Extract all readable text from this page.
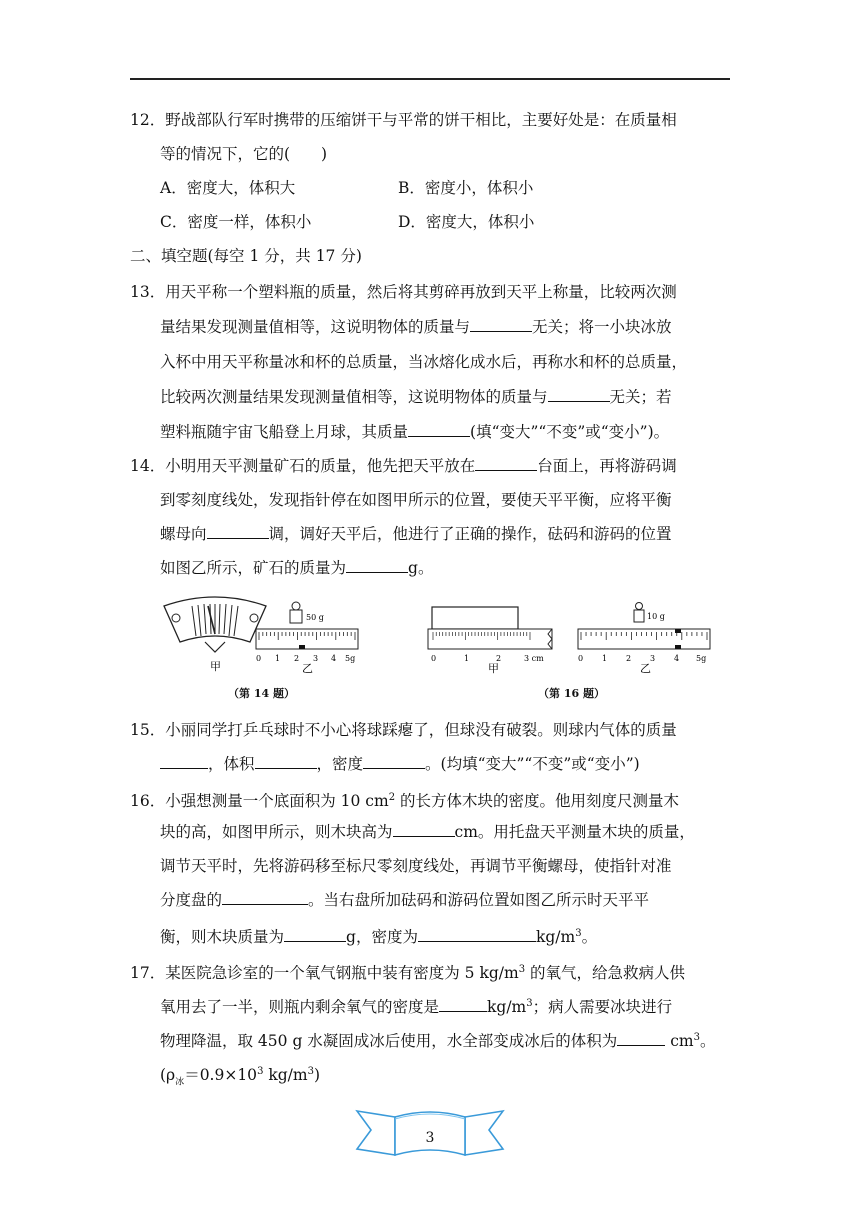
12．野战部队行军时携带的压缩饼干与平常的饼干相比，主要好处是：在质量相
等的情况下，它的(　　)
A．密度大，体积大	B．密度小，体积小
C．密度一样，体积小	D．密度大，体积小
二、填空题(每空 1 分，共 17 分)
13．用天平称一个塑料瓶的质量，然后将其剪碎再放到天平上称量，比较两次测
量结果发现测量值相等，这说明物体的质量与	无关；将一小块冰放
入杯中用天平称量冰和杯的总质量，当冰熔化成水后，再称水和杯的总质量，
比较两次测量结果发现测量值相等，这说明物体的质量与	无关；若
塑料瓶随宇宙飞船登上月球，其质量	(填“变大”“不变”或“变小”)。
14．小明用天平测量矿石的质量，他先把天平放在	台面上，再将游码调
到零刻度线处，发现指针停在如图甲所示的位置，要使天平平衡，应将平衡
螺母向	调，调好天平后，他进行了正确的操作，砝码和游码的位置
如图乙所示，矿石的质量为	g。
甲
50 g
0 1 2 3 4 5g
乙
0	1	2	3 cm
甲
10 g
0 1 2 3 4 5g
乙
（第 14 题）	（第 16 题）
15．小丽同学打乒乓球时不小心将球踩瘪了，但球没有破裂。则球内气体的质量
，体积	，密度	。(均填“变大”“不变”或“变小”)
16．小强想测量一个底面积为 10 $cm^2$ 的长方体木块的密度。他用刻度尺测量木
块的高，如图甲所示，则木块高为	cm。用托盘天平测量木块的质量，
调节天平时，先将游码移至标尺零刻度线处，再调节平衡螺母，使指针对准
分度盘的	。当右盘所加砝码和游码位置如图乙所示时天平平
衡，则木块质量为	g，密度为	$kg/m^3$。
17．某医院急诊室的一个氧气钢瓶中装有密度为 5 $kg/m^3$ 的氧气，给急救病人供
氧用去了一半，则瓶内剩余氧气的密度是	$kg/m^3$；病人需要冰块进行
物理降温，取 450 g 水凝固成冰后使用，水全部变成冰后的体积为	$cm^3$。
($\rho_冰=0.9\times 10^3$ $kg/m^3$)
3
